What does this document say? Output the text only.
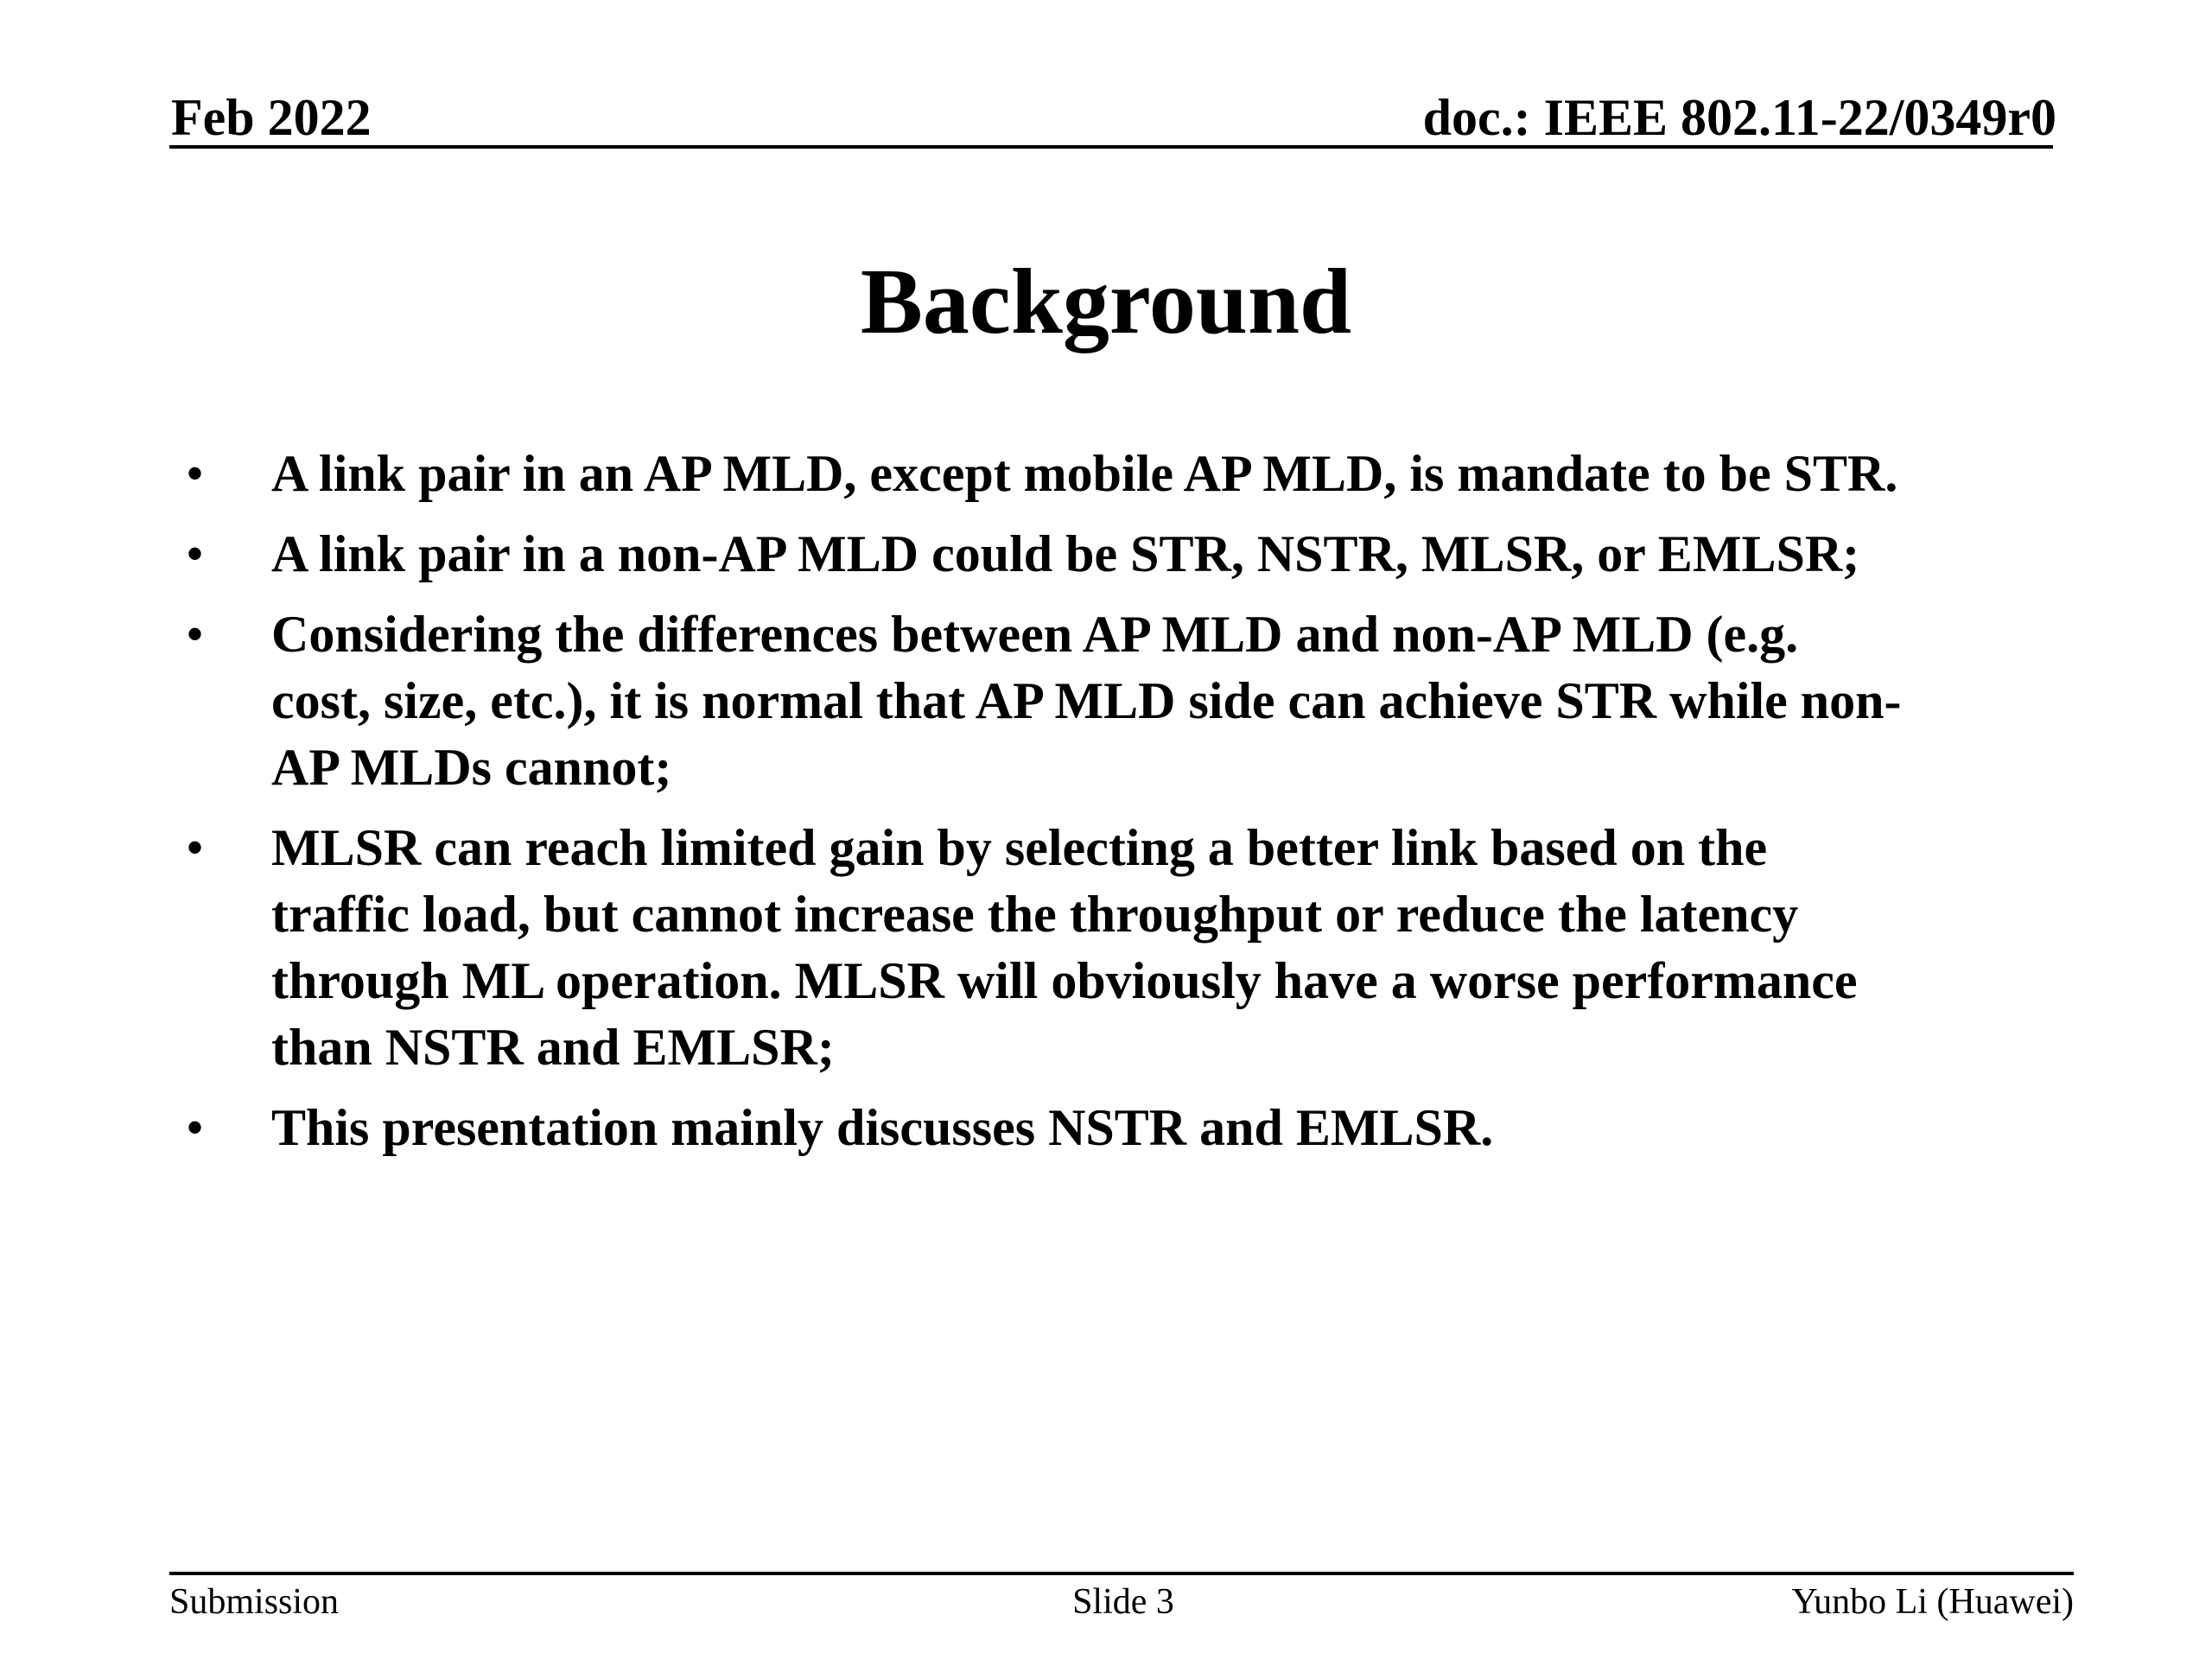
Feb 2022	doc.: IEEE 802.11-22/0349r0
Background
• A link pair in an AP MLD, except mobile AP MLD, is mandate to be STR.
• A link pair in a non-AP MLD could be STR, NSTR, MLSR, or EMLSR;
• Considering the differences between AP MLD and non-AP MLD (e.g.
cost, size, etc.), it is normal that AP MLD side can achieve STR while non-
AP MLDs cannot;
• MLSR can reach limited gain by selecting a better link based on the
traffic load, but cannot increase the throughput or reduce the latency
through ML operation. MLSR will obviously have a worse performance
than NSTR and EMLSR;
• This presentation mainly discusses NSTR and EMLSR.
Submission	Slide 3	Yunbo Li (Huawei)
